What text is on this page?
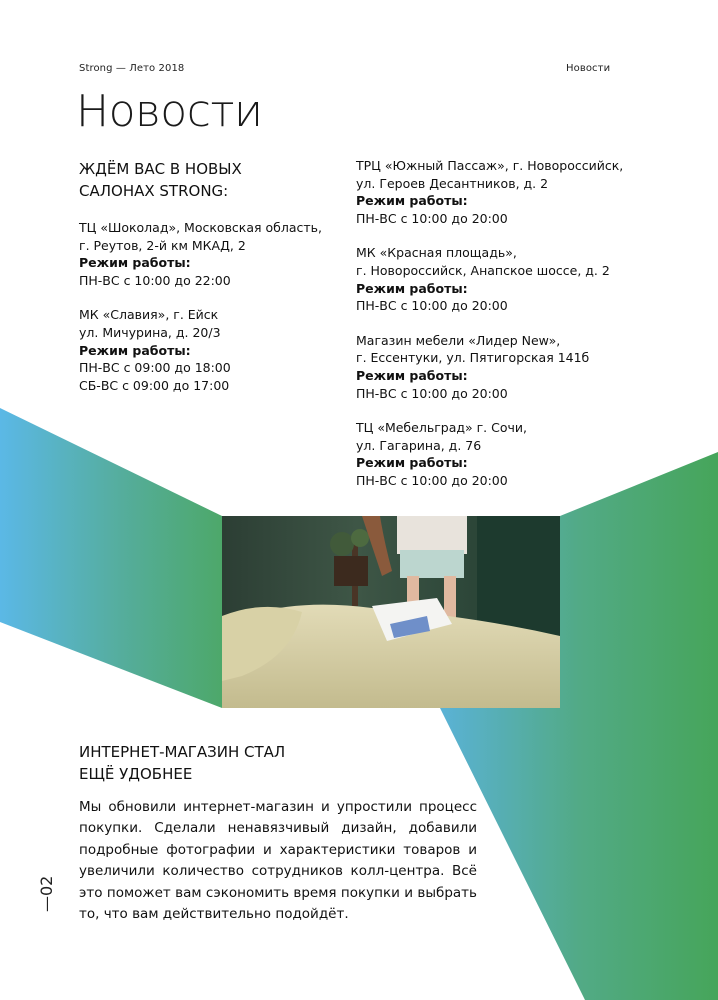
Strong — Лето 2018	Новости
Новости
ЖДЁМ ВАС В НОВЫХ
САЛОНАХ STRONG:
ТЦ «Шоколад», Московская область,
г. Реутов, 2-й км МКАД, 2
Режим работы:
ПН-ВС с 10:00 до 22:00
МК «Славия», г. Ейск
ул. Мичурина, д. 20/3
Режим работы:
ПН-ВС с 09:00 до 18:00
СБ-ВС с 09:00 до 17:00
ТРЦ «Южный Пассаж», г. Новороссийск,
ул. Героев Десантников, д. 2
Режим работы:
ПН-ВС с 10:00 до 20:00
МК «Красная площадь»,
г. Новороссийск, Анапское шоссе, д. 2
Режим работы:
ПН-ВС с 10:00 до 20:00
Магазин мебели «Лидер New»,
г. Ессентуки, ул. Пятигорская 141б
Режим работы:
ПН-ВС с 10:00 до 20:00
ТЦ «Мебельград» г. Сочи,
ул. Гагарина, д. 76
Режим работы:
ПН-ВС с 10:00 до 20:00
ИНТЕРНЕТ-МАГАЗИН СТАЛ
ЕЩЁ УДОБНЕЕ
Мы обновили интернет-магазин и упростили процесс покупки. Сделали ненавязчивый дизайн, добавили подробные фотографии и характеристики товаров и увеличили количество сотрудников колл-центра. Всё это поможет вам сэкономить время покупки и выбрать то, что вам действительно подойдёт.
—02
